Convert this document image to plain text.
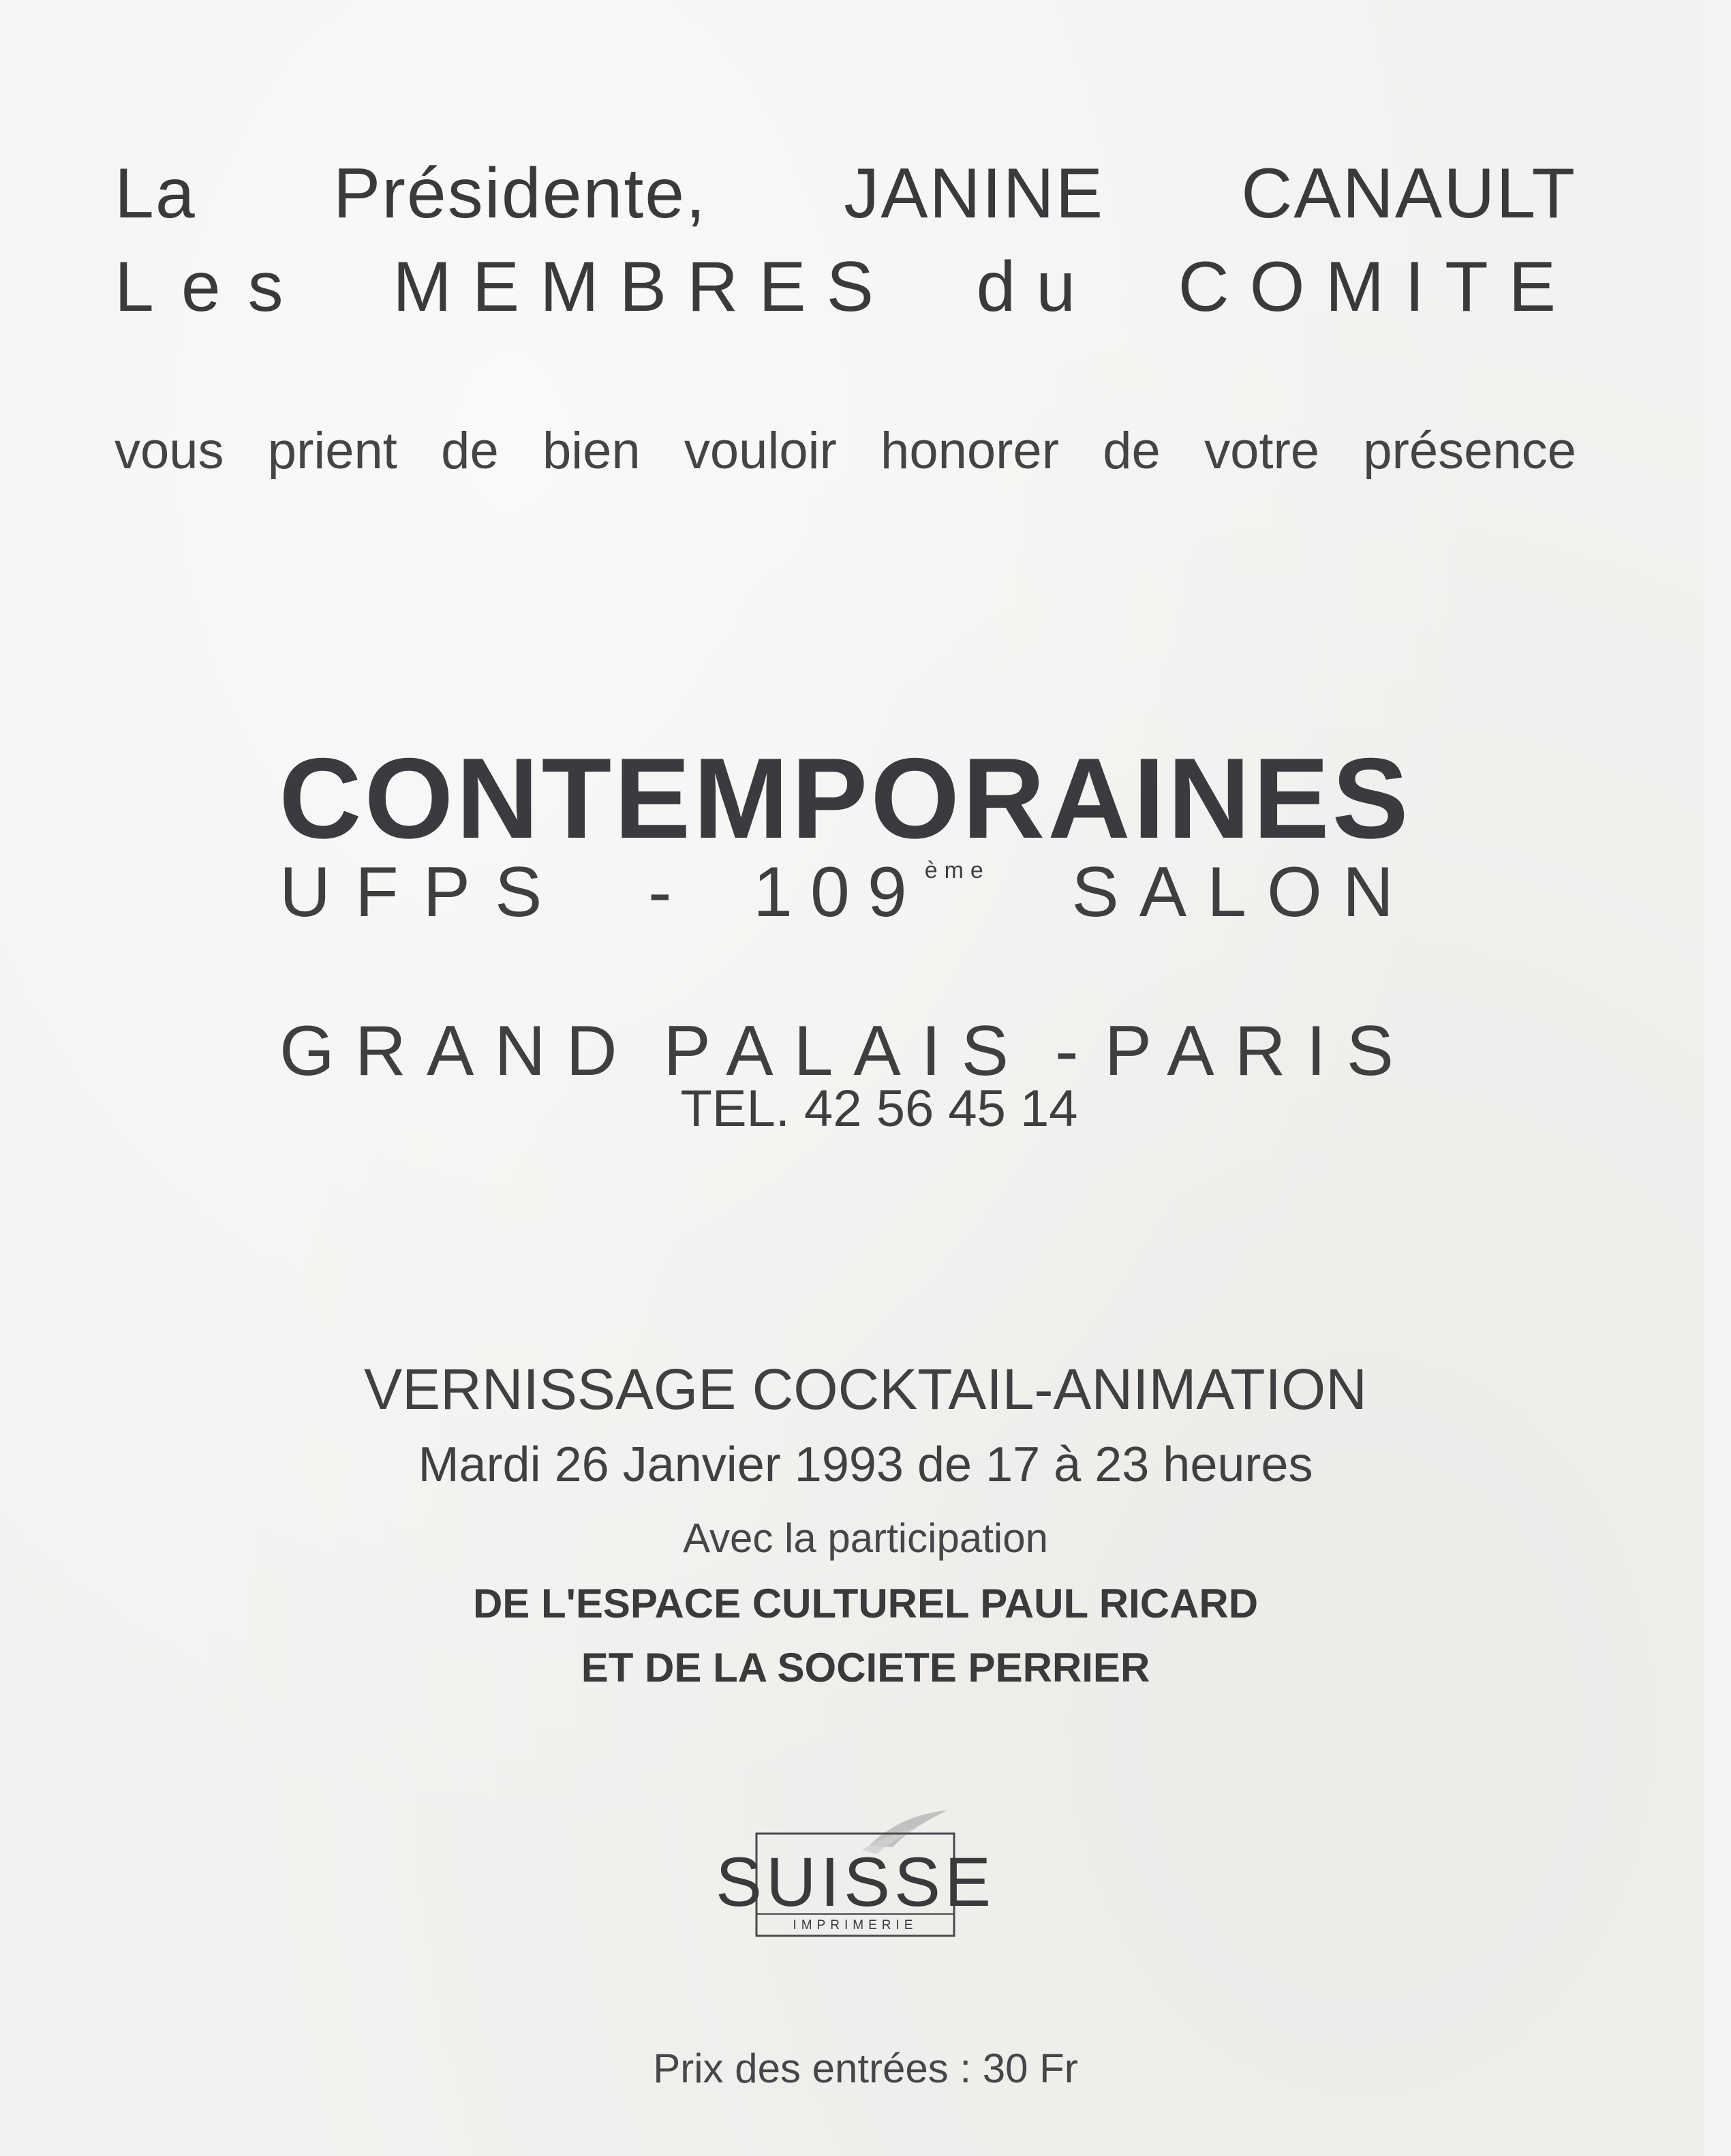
La Présidente, JANINE CANAULT
Les MEMBRES du COMITE
vous prient de bien vouloir honorer de votre présence
CONTEMPORAINES
UFPS - 109ème SALON
GRAND PALAIS - PARIS
TEL. 42 56 45 14
VERNISSAGE COCKTAIL-ANIMATION
Mardi 26 Janvier 1993 de 17 à 23 heures
Avec la participation
DE L'ESPACE CULTUREL PAUL RICARD
ET DE LA SOCIETE PERRIER
SUISSE
IMPRIMERIE
Prix des entrées : 30 Fr
